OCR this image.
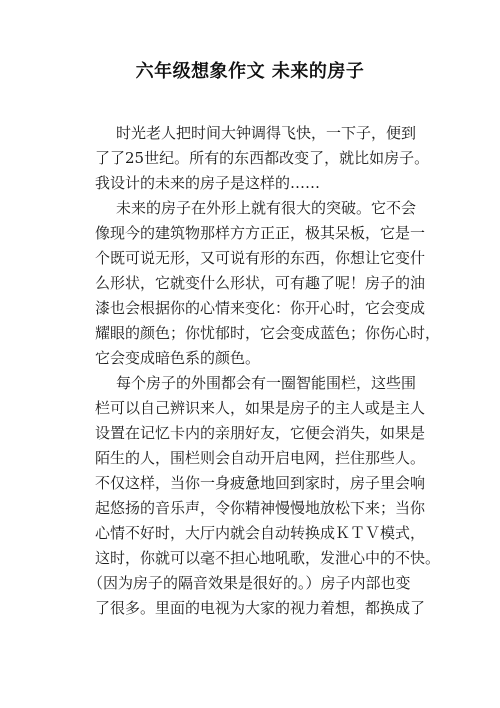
六年级想象作文 未来的房子

时光老人把时间大钟调得飞快，一下子，便到

了了25世纪。所有的东西都改变了，就比如房子。

我设计的未来的房子是这样的……

未来的房子在外形上就有很大的突破。它不会

像现今的建筑物那样方方正正，极其呆板，它是一

个既可说无形，又可说有形的东西，你想让它变什

么形状，它就变什么形状，可有趣了呢！房子的油

漆也会根据你的心情来变化：你开心时，它会变成

耀眼的颜色；你忧郁时，它会变成蓝色；你伤心时，

它会变成暗色系的颜色。

每个房子的外围都会有一圈智能围栏，这些围

栏可以自己辨识来人，如果是房子的主人或是主人

设置在记忆卡内的亲朋好友，它便会消失，如果是

陌生的人，围栏则会自动开启电网，拦住那些人。

不仅这样，当你一身疲惫地回到家时，房子里会响

起悠扬的音乐声，令你精神慢慢地放松下来；当你

心情不好时，大厅内就会自动转换成ＫＴＶ模式，

这时，你就可以毫不担心地吼歌，发泄心中的不快。

（因为房子的隔音效果是很好的。）房子内部也变

了很多。里面的电视为大家的视力着想，都换成了
